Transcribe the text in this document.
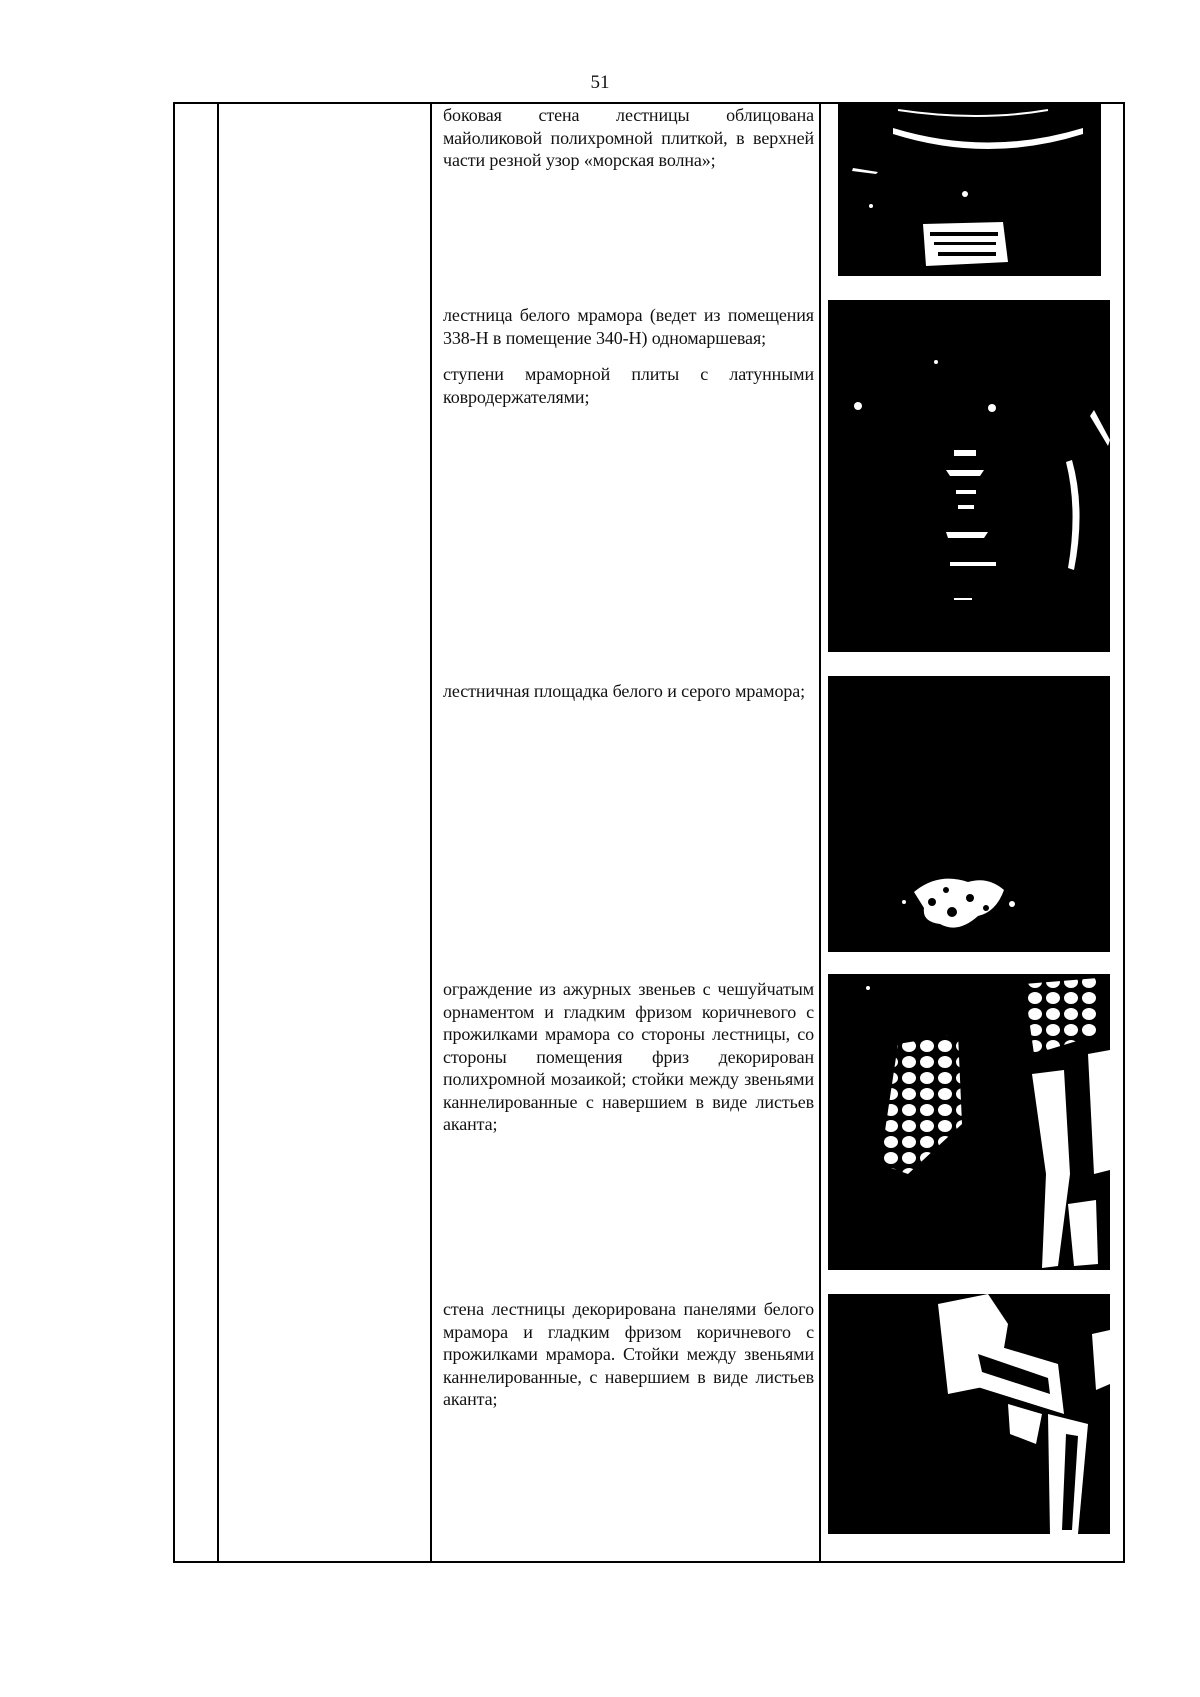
51

боковая стена лестницы облицована майоликовой полихромной плиткой, в верхней части резной узор «морская волна»;

лестница белого мрамора (ведет из помещения 338-Н в помещение 340-Н) одномаршевая;

ступени мраморной плиты с латунными ковродержателями;

лестничная площадка белого и серого мрамора;

ограждение из ажурных звеньев с чешуйчатым орнаментом и гладким фризом коричневого с прожилками мрамора со стороны лестницы, со стороны помещения фриз декорирован полихромной мозаикой; стойки между звеньями каннелированные с навершием в виде листьев аканта;

стена лестницы декорирована панелями белого мрамора и гладким фризом коричневого с прожилками мрамора. Стойки между звеньями каннелированные, с навершием в виде листьев аканта;
